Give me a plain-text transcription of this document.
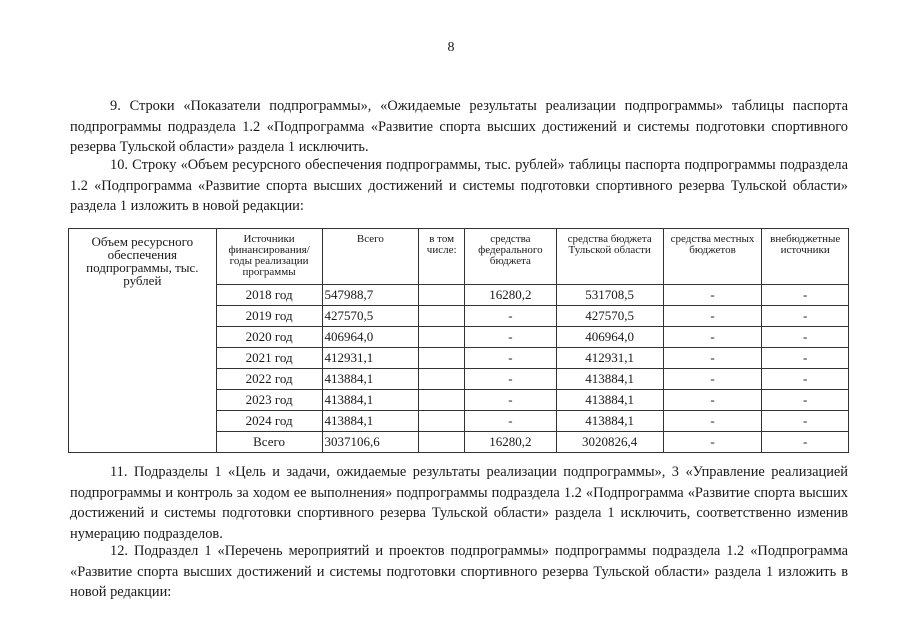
8

9. Строки «Показатели подпрограммы», «Ожидаемые результаты реализации подпрограммы» таблицы паспорта подпрограммы подраздела 1.2 «Подпрограмма «Развитие спорта высших достижений и системы подготовки спортивного резерва Тульской области» раздела 1 исключить.

10. Строку «Объем ресурсного обеспечения подпрограммы, тыс. рублей» таблицы паспорта подпрограммы подраздела 1.2 «Подпрограмма «Развитие спорта высших достижений и системы подготовки спортивного резерва Тульской области» раздела 1 изложить в новой редакции:

Объем ресурсного обеспечения подпрограммы, тыс. рублей	Источники финансирования/ годы реализации программы	Всего	в том числе:	средства федерального бюджета	средства бюджета Тульской области	средства местных бюджетов	внебюджетные источники
	2018 год	547988,7		16280,2	531708,5	-	-
	2019 год	427570,5		-	427570,5	-	-
	2020 год	406964,0		-	406964,0	-	-
	2021 год	412931,1		-	412931,1	-	-
	2022 год	413884,1		-	413884,1	-	-
	2023 год	413884,1		-	413884,1	-	-
	2024 год	413884,1		-	413884,1	-	-
	Всего	3037106,6		16280,2	3020826,4	-	-

11. Подразделы 1 «Цель и задачи, ожидаемые результаты реализации подпрограммы», 3 «Управление реализацией подпрограммы и контроль за ходом ее выполнения» подпрограммы подраздела 1.2 «Подпрограмма «Развитие спорта высших достижений и системы подготовки спортивного резерва Тульской области» раздела 1 исключить, соответственно изменив нумерацию подразделов.

12. Подраздел 1 «Перечень мероприятий и проектов подпрограммы» подпрограммы подраздела 1.2 «Подпрограмма «Развитие спорта высших достижений и системы подготовки спортивного резерва Тульской области» раздела 1 изложить в новой редакции:
